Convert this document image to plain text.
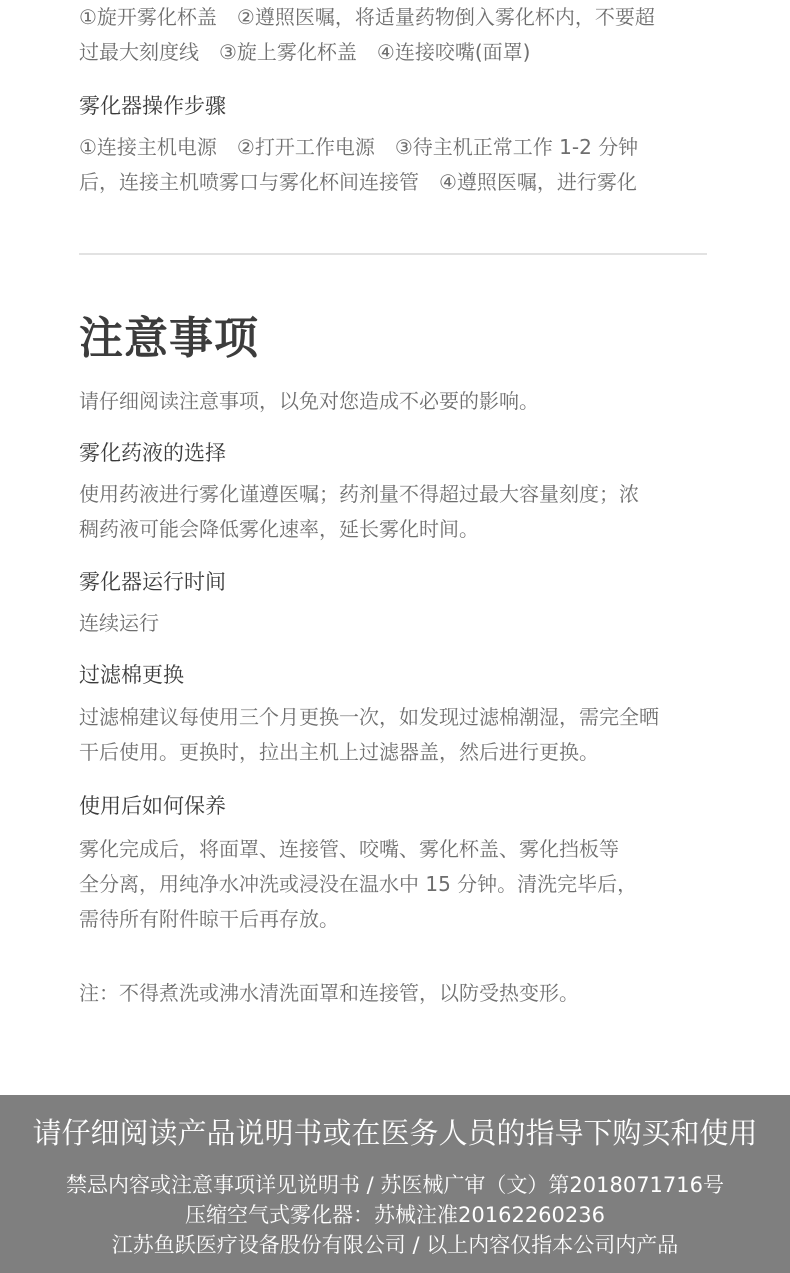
①旋开雾化杯盖　②遵照医嘱，将适量药物倒入雾化杯内，不要超
过最大刻度线　③旋上雾化杯盖　④连接咬嘴(面罩)

雾化器操作步骤

①连接主机电源　②打开工作电源　③待主机正常工作 1-2 分钟
后，连接主机喷雾口与雾化杯间连接管　④遵照医嘱，进行雾化

注意事项

请仔细阅读注意事项，以免对您造成不必要的影响。

雾化药液的选择

使用药液进行雾化谨遵医嘱；药剂量不得超过最大容量刻度；浓
稠药液可能会降低雾化速率，延长雾化时间。

雾化器运行时间

连续运行

过滤棉更换

过滤棉建议每使用三个月更换一次，如发现过滤棉潮湿，需完全晒
干后使用。更换时，拉出主机上过滤器盖，然后进行更换。

使用后如何保养

雾化完成后，将面罩、连接管、咬嘴、雾化杯盖、雾化挡板等
全分离，用纯净水冲洗或浸没在温水中 15 分钟。清洗完毕后，
需待所有附件晾干后再存放。

注：不得煮洗或沸水清洗面罩和连接管，以防受热变形。

请仔细阅读产品说明书或在医务人员的指导下购买和使用

禁忌内容或注意事项详见说明书 / 苏医械广审（文）第2018071716号

压缩空气式雾化器：苏械注准20162260236

江苏鱼跃医疗设备股份有限公司 / 以上内容仅指本公司内产品
